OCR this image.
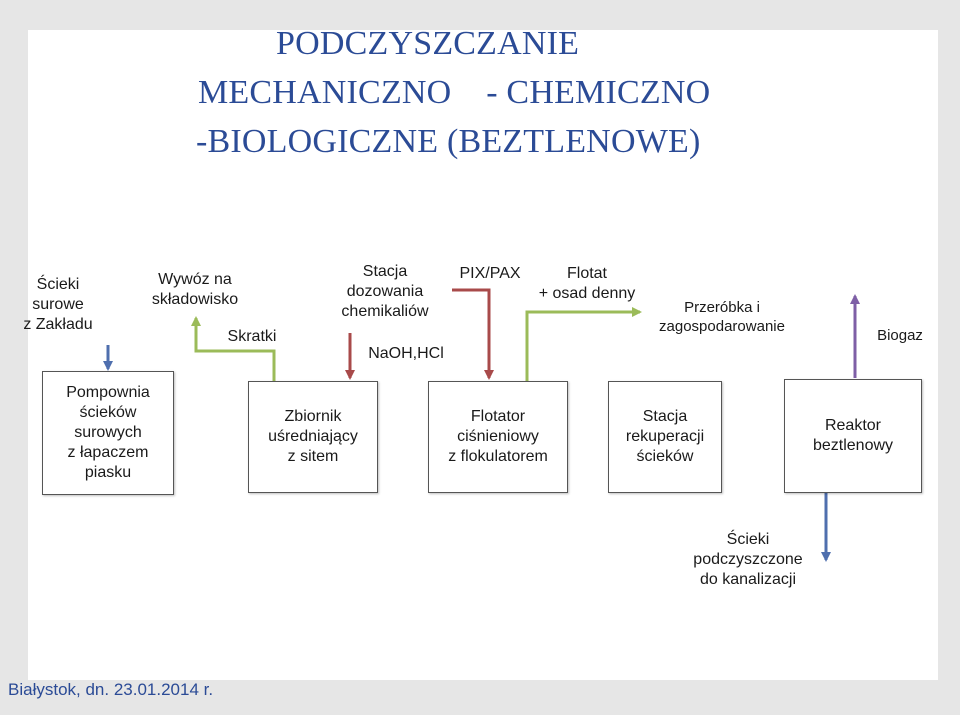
PODCZYSZCZANIE
MECHANICZNO    - CHEMICZNO
-BIOLOGICZNE (BEZTLENOWE)
Ścieki
surowe
z Zakładu
Wywóz na
składowisko
Skratki
Stacja
dozowania
chemikaliów
NaOH,HCl
PIX/PAX	Flotat
+ osad denny
Przeróbka i
zagospodarowanie
Biogaz
Ścieki
podczyszczone
do kanalizacji
Pompownia
ścieków
surowych
z łapaczem
piasku
Zbiornik
uśredniający
z sitem
Flotator
ciśnieniowy
z flokulatorem
Stacja
rekuperacji
ścieków
Reaktor
beztlenowy
Białystok, dn. 23.01.2014 r.
